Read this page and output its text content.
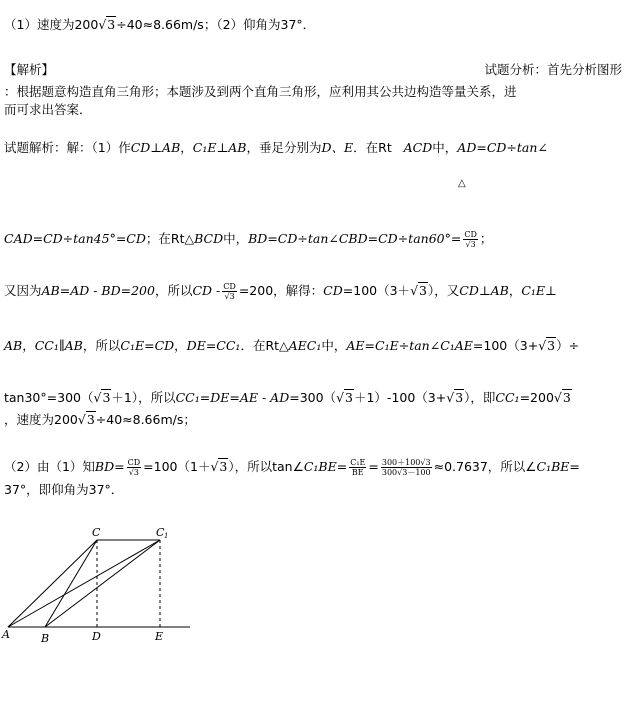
（1）速度为200√3÷40≈8.66m/s；（2）仰角为37°．
【解析】	试题分析：首先分析图形
：根据题意构造直角三角形；本题涉及到两个直角三角形，应利用其公共边构造等量关系，进
而可求出答案．
试题解析：解：（1）作CD⊥AB，C₁E⊥AB，垂足分别为D、E．在Rt ACD中，AD=CD÷tan∠
△
CAD=CD÷tan45°=CD；在Rt△BCD中，BD=CD÷tan∠CBD=CD÷tan60°= $\frac{CD}{√3}$ ；
又因为AB=AD - BD=200，所以CD - $\frac{CD}{√3} =200$，解得：CD=100（3＋√3），又CD⊥AB，C₁E⊥
AB，CC₁∥AB，所以C₁E=CD，DE=CC₁．在Rt△AEC₁中，AE=C₁E÷tan∠C₁AE=100（3+√3）÷
tan30°=300（√3＋1），所以CC₁=DE=AE - AD=300（√3＋1）-100（3+√3），即CC₁=200√3
，速度为200√3÷40≈8.66m/s；
（2）由（1）知$BD= \frac{CD}{√3} =100(1+√3)$，所以tan∠C₁BE= $\frac{\text{C₁E}}{BE} = \frac{300+100√3}{300√3-100} \approx 0.7637$，所以∠C₁BE=
37°，即仰角为37°．
C	C 1
A	B	D	E
